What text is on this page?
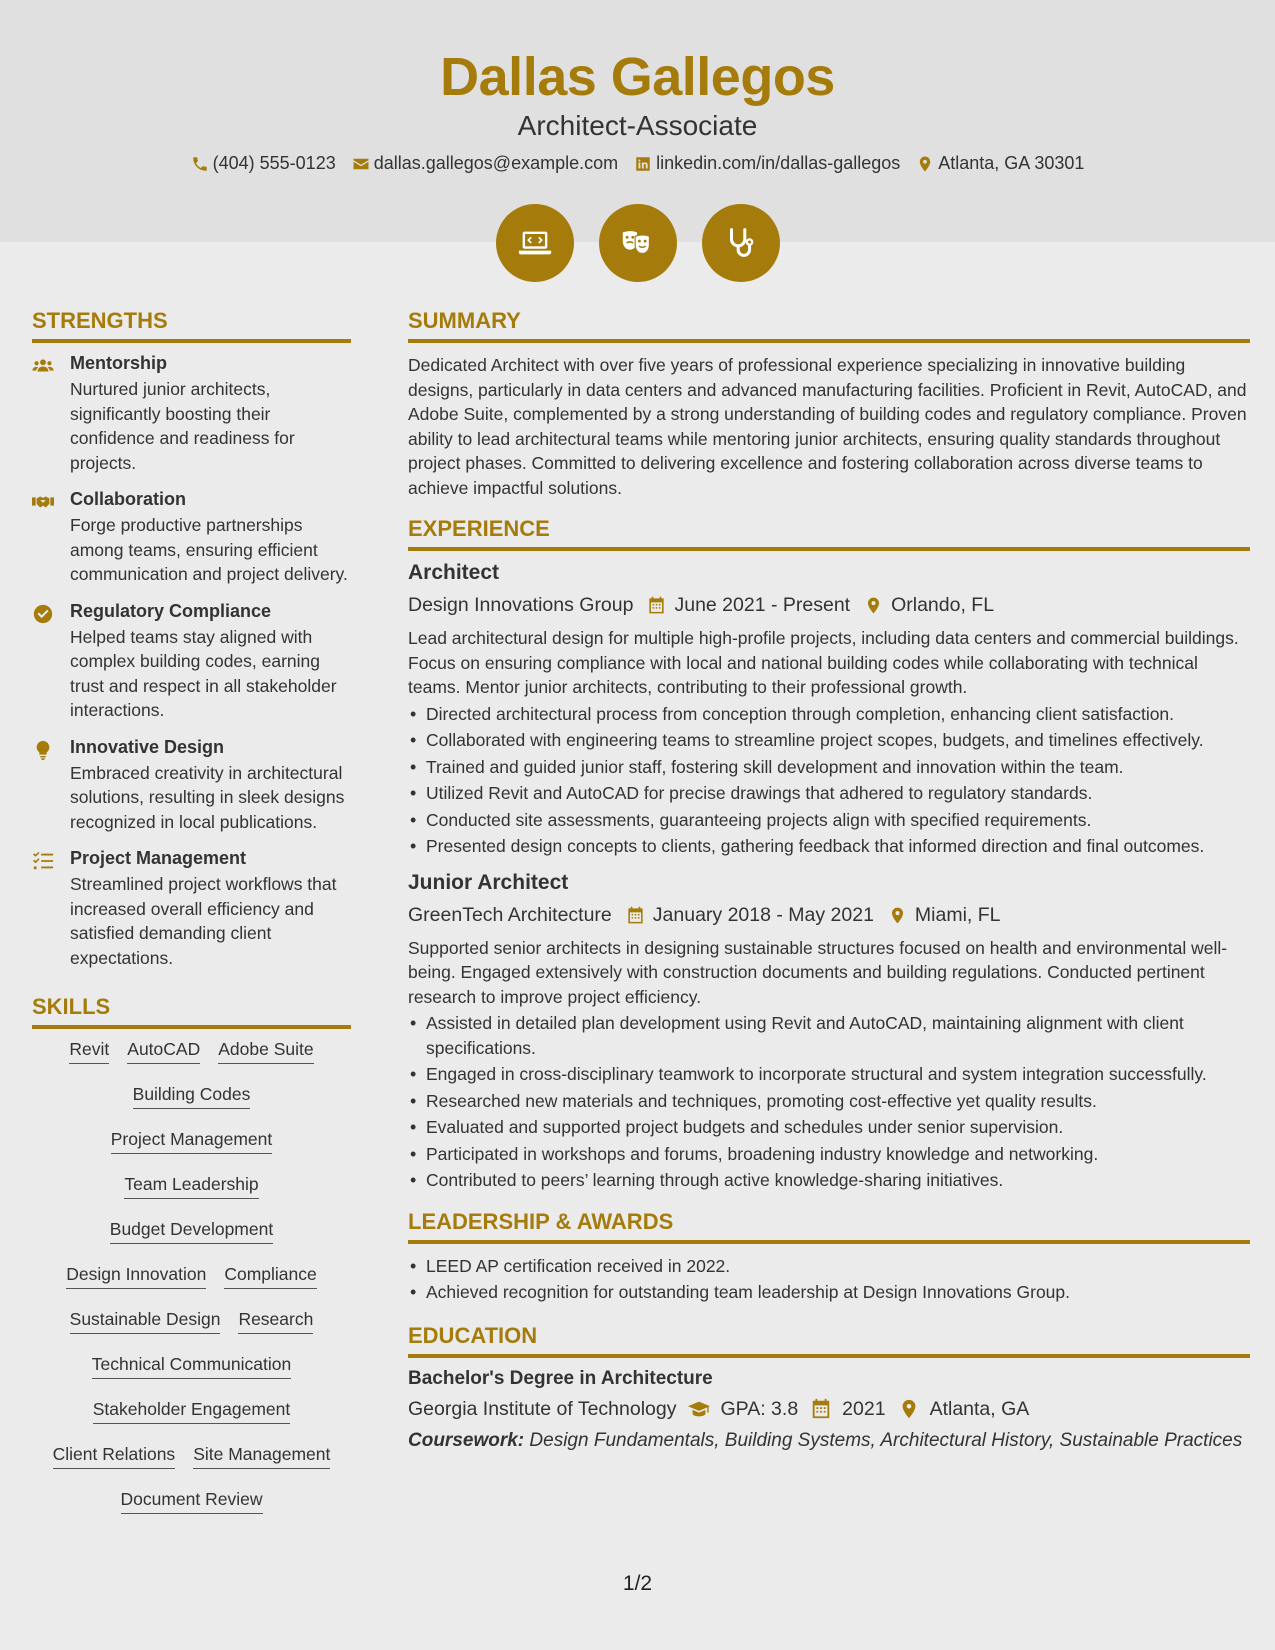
Dallas Gallegos
Architect-Associate
(404) 555-0123 dallas.gallegos@example.com linkedin.com/in/dallas-gallegos Atlanta, GA 30301
STRENGTHS
Mentorship
Nurtured junior architects, significantly boosting their confidence and readiness for projects.
Collaboration
Forge productive partnerships among teams, ensuring efficient communication and project delivery.
Regulatory Compliance
Helped teams stay aligned with complex building codes, earning trust and respect in all stakeholder interactions.
Innovative Design
Embraced creativity in architectural solutions, resulting in sleek designs recognized in local publications.
Project Management
Streamlined project workflows that increased overall efficiency and satisfied demanding client expectations.
SKILLS
Revit AutoCAD Adobe Suite
Building Codes
Project Management
Team Leadership
Budget Development
Design Innovation Compliance
Sustainable Design Research
Technical Communication
Stakeholder Engagement
Client Relations Site Management
Document Review
SUMMARY
Dedicated Architect with over five years of professional experience specializing in innovative building designs, particularly in data centers and advanced manufacturing facilities. Proficient in Revit, AutoCAD, and Adobe Suite, complemented by a strong understanding of building codes and regulatory compliance. Proven ability to lead architectural teams while mentoring junior architects, ensuring quality standards throughout project phases. Committed to delivering excellence and fostering collaboration across diverse teams to achieve impactful solutions.
EXPERIENCE
Architect
Design Innovations Group June 2021 - Present Orlando, FL
Lead architectural design for multiple high-profile projects, including data centers and commercial buildings. Focus on ensuring compliance with local and national building codes while collaborating with technical teams. Mentor junior architects, contributing to their professional growth.
• Directed architectural process from conception through completion, enhancing client satisfaction.
• Collaborated with engineering teams to streamline project scopes, budgets, and timelines effectively.
• Trained and guided junior staff, fostering skill development and innovation within the team.
• Utilized Revit and AutoCAD for precise drawings that adhered to regulatory standards.
• Conducted site assessments, guaranteeing projects align with specified requirements.
• Presented design concepts to clients, gathering feedback that informed direction and final outcomes.
Junior Architect
GreenTech Architecture January 2018 - May 2021 Miami, FL
Supported senior architects in designing sustainable structures focused on health and environmental well-being. Engaged extensively with construction documents and building regulations. Conducted pertinent research to improve project efficiency.
• Assisted in detailed plan development using Revit and AutoCAD, maintaining alignment with client specifications.
• Engaged in cross-disciplinary teamwork to incorporate structural and system integration successfully.
• Researched new materials and techniques, promoting cost-effective yet quality results.
• Evaluated and supported project budgets and schedules under senior supervision.
• Participated in workshops and forums, broadening industry knowledge and networking.
• Contributed to peers’ learning through active knowledge-sharing initiatives.
LEADERSHIP & AWARDS
• LEED AP certification received in 2022.
• Achieved recognition for outstanding team leadership at Design Innovations Group.
EDUCATION
Bachelor's Degree in Architecture
Georgia Institute of Technology GPA: 3.8 2021 Atlanta, GA
Coursework: Design Fundamentals, Building Systems, Architectural History, Sustainable Practices
1/2
